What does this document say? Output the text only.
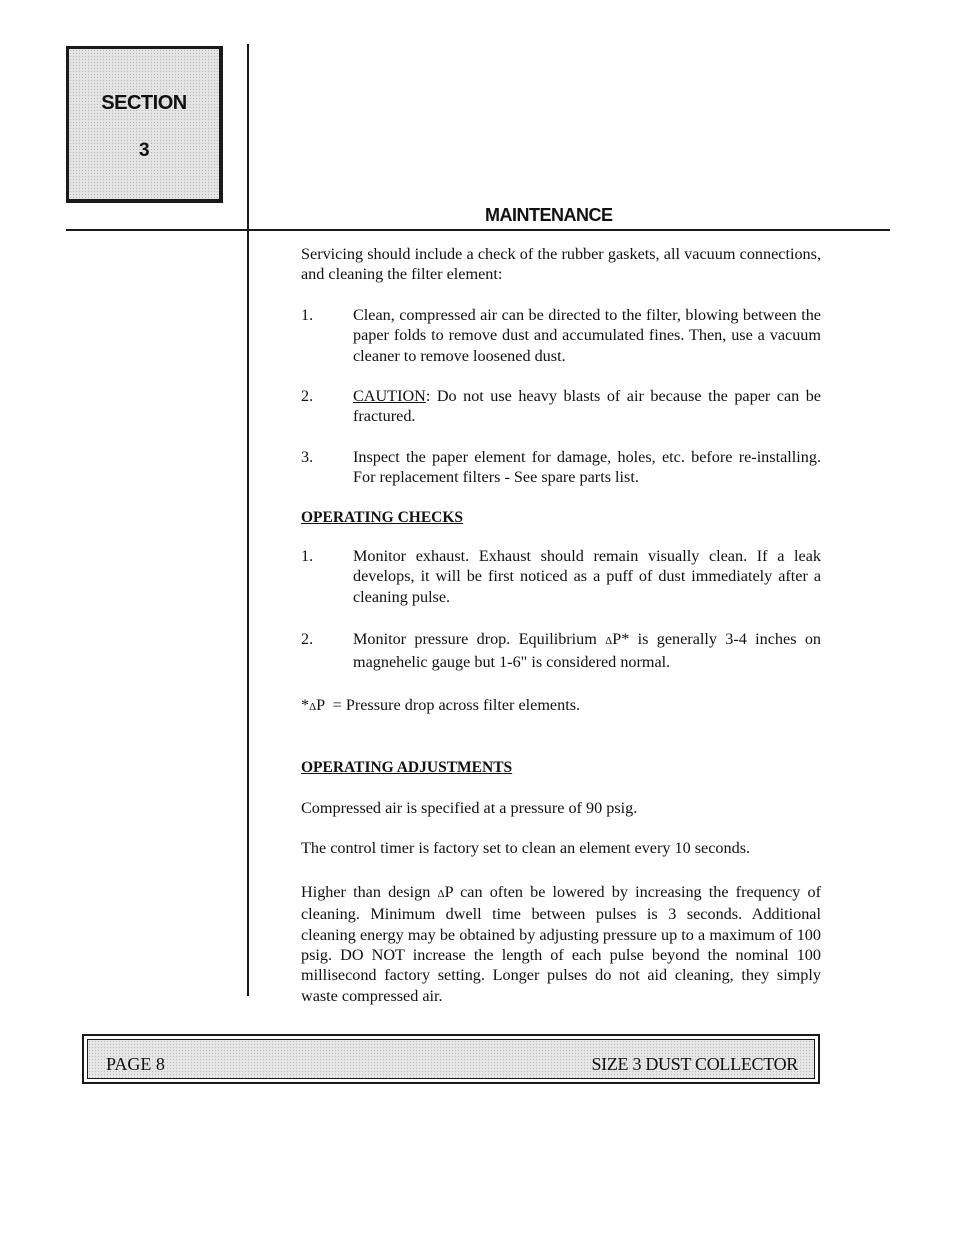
SECTION
3
MAINTENANCE

Servicing should include a check of the rubber gaskets, all vacuum connections, and cleaning the filter element:

1.	Clean, compressed air can be directed to the filter, blowing between the paper folds to remove dust and accumulated fines. Then, use a vacuum cleaner to remove loosened dust.
2.	CAUTION: Do not use heavy blasts of air because the paper can be fractured.
3.	Inspect the paper element for damage, holes, etc. before re-installing. For replacement filters - See spare parts list.

OPERATING CHECKS

1.	Monitor exhaust. Exhaust should remain visually clean. If a leak develops, it will be first noticed as a puff of dust immediately after a cleaning pulse.
2.	Monitor pressure drop. Equilibrium ΔP* is generally 3-4 inches on magnehelic gauge but 1-6" is considered normal.

*ΔP  = Pressure drop across filter elements.

OPERATING ADJUSTMENTS

Compressed air is specified at a pressure of 90 psig.

The control timer is factory set to clean an element every 10 seconds.

Higher than design ΔP can often be lowered by increasing the frequency of cleaning. Minimum dwell time between pulses is 3 seconds. Additional cleaning energy may be obtained by adjusting pressure up to a maximum of 100 psig. DO NOT increase the length of each pulse beyond the nominal 100 millisecond factory setting. Longer pulses do not aid cleaning, they simply waste compressed air.

PAGE 8	SIZE 3 DUST COLLECTOR
